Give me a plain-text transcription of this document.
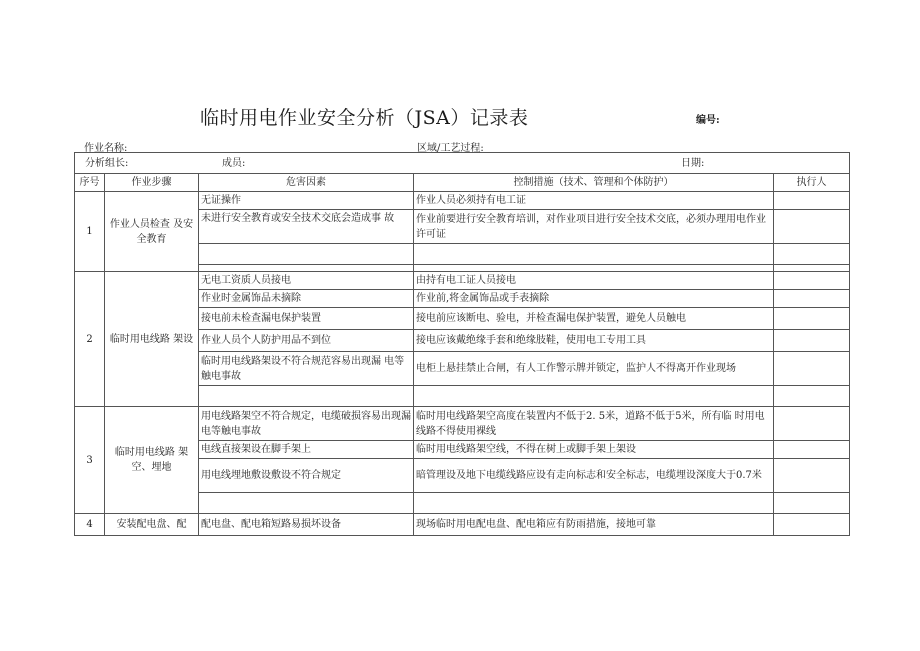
临时用电作业安全分析（JSA）记录表	编号:
作业名称:	区域/工艺过程:
分析组长: 成员: 日期:				

序号	作业步骤	危害因素	控制措施（技术、管理和个体防护）	执行人
1	作业人员检查 及安全教育	无证操作	作业人员必须持有电工证	
		未进行安全教育或安全技术交底会造成事 故	作业前要进行安全教育培训，对作业项目进行安全技术交底，必须办理用电作业许可证	

2	临时用电线路 架设	无电工资质人员接电	由持有电工证人员接电	
		作业时金属饰品未摘除	作业前,将金属饰品或手表摘除	
		接电前未检查漏电保护装置	接电前应该断电、验电，并检查漏电保护装置，避免人员触电	
		作业人员个人防护用品不到位	接电应该戴绝缘手套和绝缘肢鞋，使用电工专用工具	
		临时用电线路架设不符合规范容易出现漏 电等触电事故	电柜上悬挂禁止合闸，有人工作警示牌并锁定，监护人不得离开作业现场	

3	临时用电线路 架空、埋地	用电线路架空不符合规定，电缆破损容易出现漏电等触电事故	临时用电线路架空高度在装置内不低于2. 5米，道路不低于5米，所有临 时用电线路不得使用裸线	
		电线直接架设在脚手架上	临时用电线路架空线，不得在树上或脚手架上架设	
		用电线埋地敷设敷设不符合规定	暗管理设及地下电缆线路应设有走向标志和安全标志，电缆埋设深度大于0.7米	

4	安装配电盘、配	配电盘、配电箱短路易损坏设备	现场临时用电配电盘、配电箱应有防雨措施，接地可靠	
